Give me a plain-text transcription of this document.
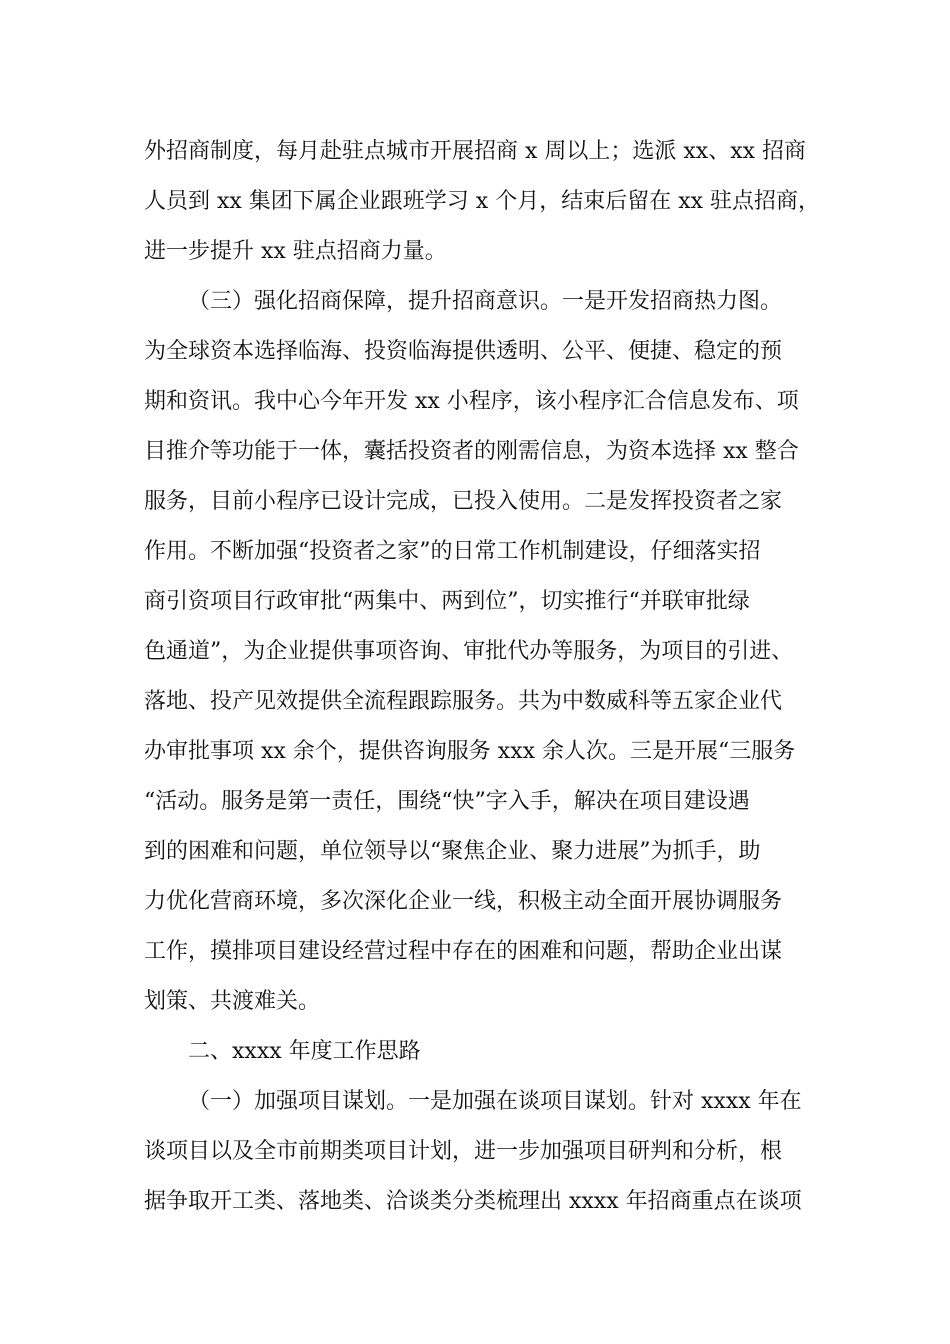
外招商制度，每月赴驻点城市开展招商 x 周以上；选派 xx、xx 招商
人员到 xx 集团下属企业跟班学习 x 个月，结束后留在 xx 驻点招商，
进一步提升 xx 驻点招商力量。
（三）强化招商保障，提升招商意识。一是开发招商热力图。
为全球资本选择临海、投资临海提供透明、公平、便捷、稳定的预
期和资讯。我中心今年开发 xx 小程序，该小程序汇合信息发布、项
目推介等功能于一体，囊括投资者的刚需信息，为资本选择 xx 整合
服务，目前小程序已设计完成，已投入使用。二是发挥投资者之家
作用。不断加强“投资者之家”的日常工作机制建设，仔细落实招
商引资项目行政审批“两集中、两到位”，切实推行“并联审批绿
色通道”，为企业提供事项咨询、审批代办等服务，为项目的引进、
落地、投产见效提供全流程跟踪服务。共为中数威科等五家企业代
办审批事项 xx 余个，提供咨询服务 xxx 余人次。三是开展“三服务
“活动。服务是第一责任，围绕“快”字入手，解决在项目建设遇
到的困难和问题，单位领导以“聚焦企业、聚力进展”为抓手，助
力优化营商环境，多次深化企业一线，积极主动全面开展协调服务
工作，摸排项目建设经营过程中存在的困难和问题，帮助企业出谋
划策、共渡难关。
二、xxxx 年度工作思路
（一）加强项目谋划。一是加强在谈项目谋划。针对 xxxx 年在
谈项目以及全市前期类项目计划，进一步加强项目研判和分析，根
据争取开工类、落地类、洽谈类分类梳理出 xxxx 年招商重点在谈项
